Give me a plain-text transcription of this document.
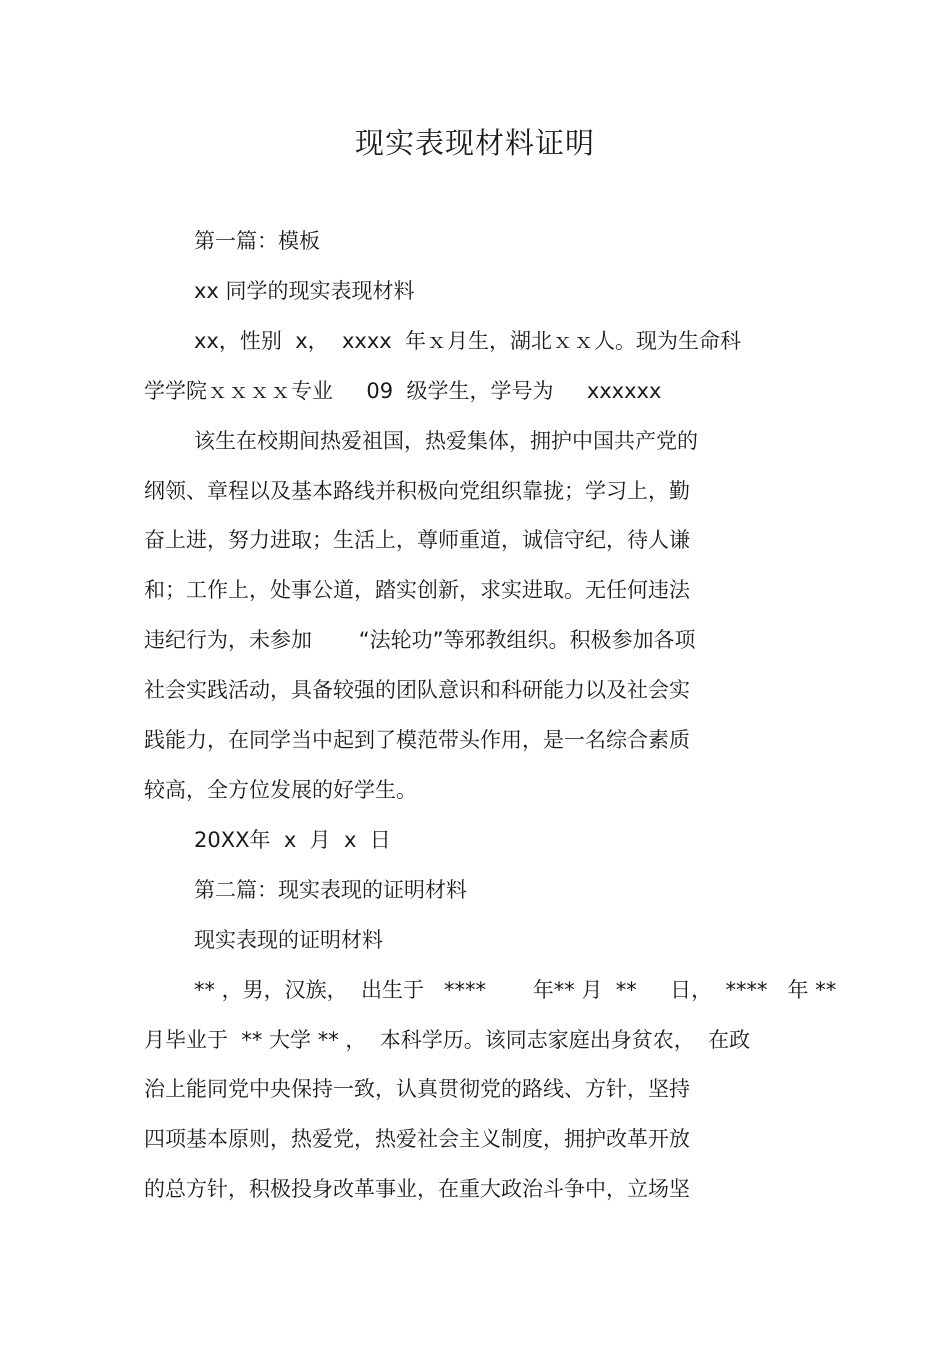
现实表现材料证明
第一篇：模板
xx 同学的现实表现材料
xx，性别  x，  xxxx  年ｘ月生，湖北ｘｘ人。现为生命科
学学院ｘｘｘｘ专业     09  级学生，学号为     xxxxxx
该生在校期间热爱祖国，热爱集体，拥护中国共产党的
纲领、章程以及基本路线并积极向党组织靠拢；学习上，勤
奋上进，努力进取；生活上，尊师重道，诚信守纪，待人谦
和；工作上，处事公道，踏实创新，求实进取。无任何违法
违纪行为，未参加       “法轮功”等邪教组织。积极参加各项
社会实践活动，具备较强的团队意识和科研能力以及社会实
践能力，在同学当中起到了模范带头作用，是一名综合素质
较高，全方位发展的好学生。
20XX年  x  月  x  日
第二篇：现实表现的证明材料
现实表现的证明材料
** ，男，汉族，  出生于   ****       年** 月  **     日，  ****   年 **
月毕业于  ** 大学 ** ，  本科学历。该同志家庭出身贫农，  在政
治上能同党中央保持一致，认真贯彻党的路线、方针，坚持
四项基本原则，热爱党，热爱社会主义制度，拥护改革开放
的总方针，积极投身改革事业，在重大政治斗争中，立场坚
